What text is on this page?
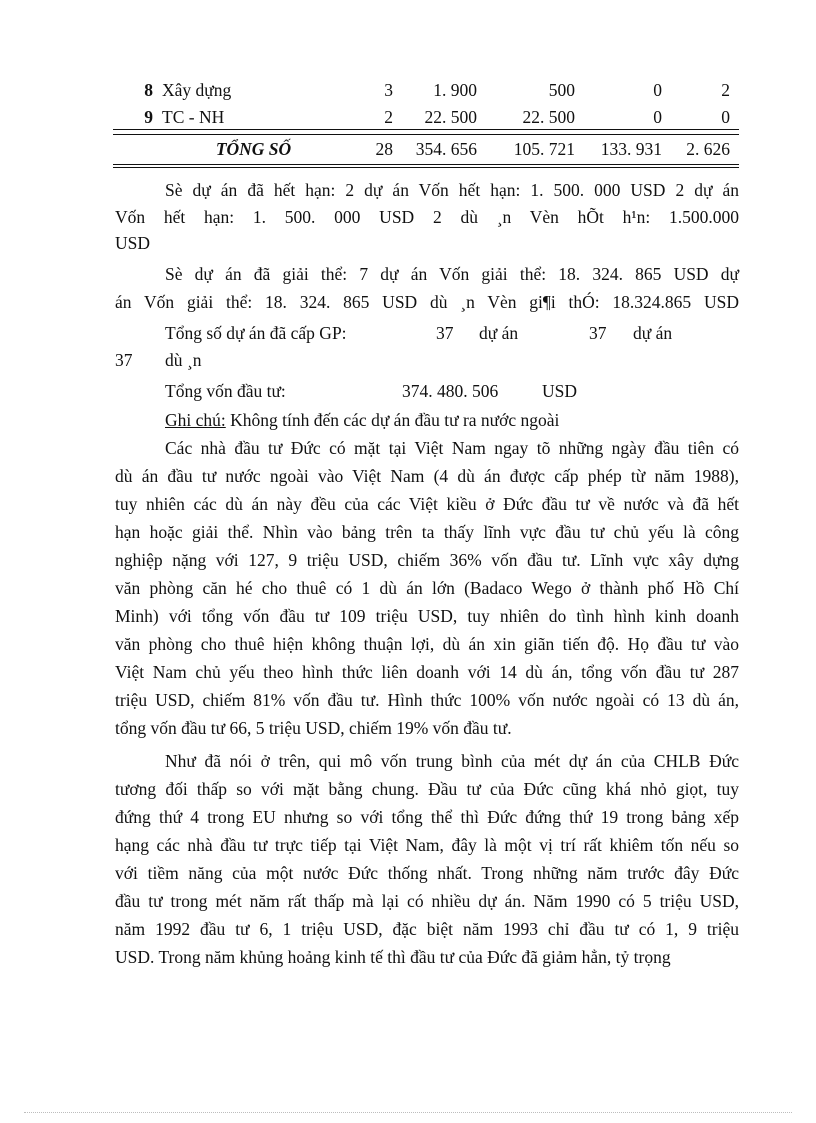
8 Xây dựng	3	1. 900	500	0	2
9 TC - NH	2	22. 500	22. 500	0	0
TỔNG SỐ	28	354. 656	105. 721	133. 931	2. 626
Sè dự án đã hết hạn: 2 dự án Vốn hết hạn: 1. 500. 000 USD 2 dự án
Vốn hết hạn: 1. 500. 000 USD 2 dù ¸n Vèn hÕt h¹n: 1.500.000
USD
Sè dự án đã giải thể: 7 dự án Vốn giải thể: 18. 324. 865 USD dự
án Vốn giải thể: 18. 324. 865 USD dù ¸n Vèn gi¶i thÓ: 18.324.865 USD
Tổng số dự án đã cấp GP:	37 dự án	37 dự án
37 dù ¸n
Tổng vốn đầu tư:	374. 480. 506	USD
Ghi chú: Không tính đến các dự án đầu tư ra nước ngoài
Các nhà đầu tư Đức có mặt tại Việt Nam ngay tõ những ngày đầu tiên có
dù án đầu tư nước ngoài vào Việt Nam (4 dù án được cấp phép từ năm 1988),
tuy nhiên các dù án này đều của các Việt kiều ở Đức đầu tư về nước và đã hết
hạn hoặc giải thể. Nhìn vào bảng trên ta thấy lĩnh vực đầu tư chủ yếu là công
nghiệp nặng với 127, 9 triệu USD, chiếm 36% vốn đầu tư. Lĩnh vực xây dựng
văn phòng căn hé cho thuê có 1 dù án lớn (Badaco Wego ở thành phố Hồ Chí
Minh) với tổng vốn đầu tư 109 triệu USD, tuy nhiên do tình hình kinh doanh
văn phòng cho thuê hiện không thuận lợi, dù án xin giãn tiến độ. Họ đầu tư vào
Việt Nam chủ yếu theo hình thức liên doanh với 14 dù án, tổng vốn đầu tư 287
triệu USD, chiếm 81% vốn đầu tư. Hình thức 100% vốn nước ngoài có 13 dù án,
tổng vốn đầu tư 66, 5 triệu USD, chiếm 19% vốn đầu tư.
Như đã nói ở trên, qui mô vốn trung bình của mét dự án của CHLB Đức
tương đối thấp so với mặt bằng chung. Đầu tư của Đức cũng khá nhỏ giọt, tuy
đứng thứ 4 trong EU nhưng so với tổng thể thì Đức đứng thứ 19 trong bảng xếp
hạng các nhà đầu tư trực tiếp tại Việt Nam, đây là một vị trí rất khiêm tốn nếu so
với tiềm năng của một nước Đức thống nhất. Trong những năm trước đây Đức
đầu tư trong mét năm rất thấp mà lại có nhiều dự án. Năm 1990 có 5 triệu USD,
năm 1992 đầu tư 6, 1 triệu USD, đặc biệt năm 1993 chỉ đầu tư có 1, 9 triệu
USD. Trong năm khủng hoảng kinh tế thì đầu tư của Đức đã giảm hẳn, tỷ trọng
